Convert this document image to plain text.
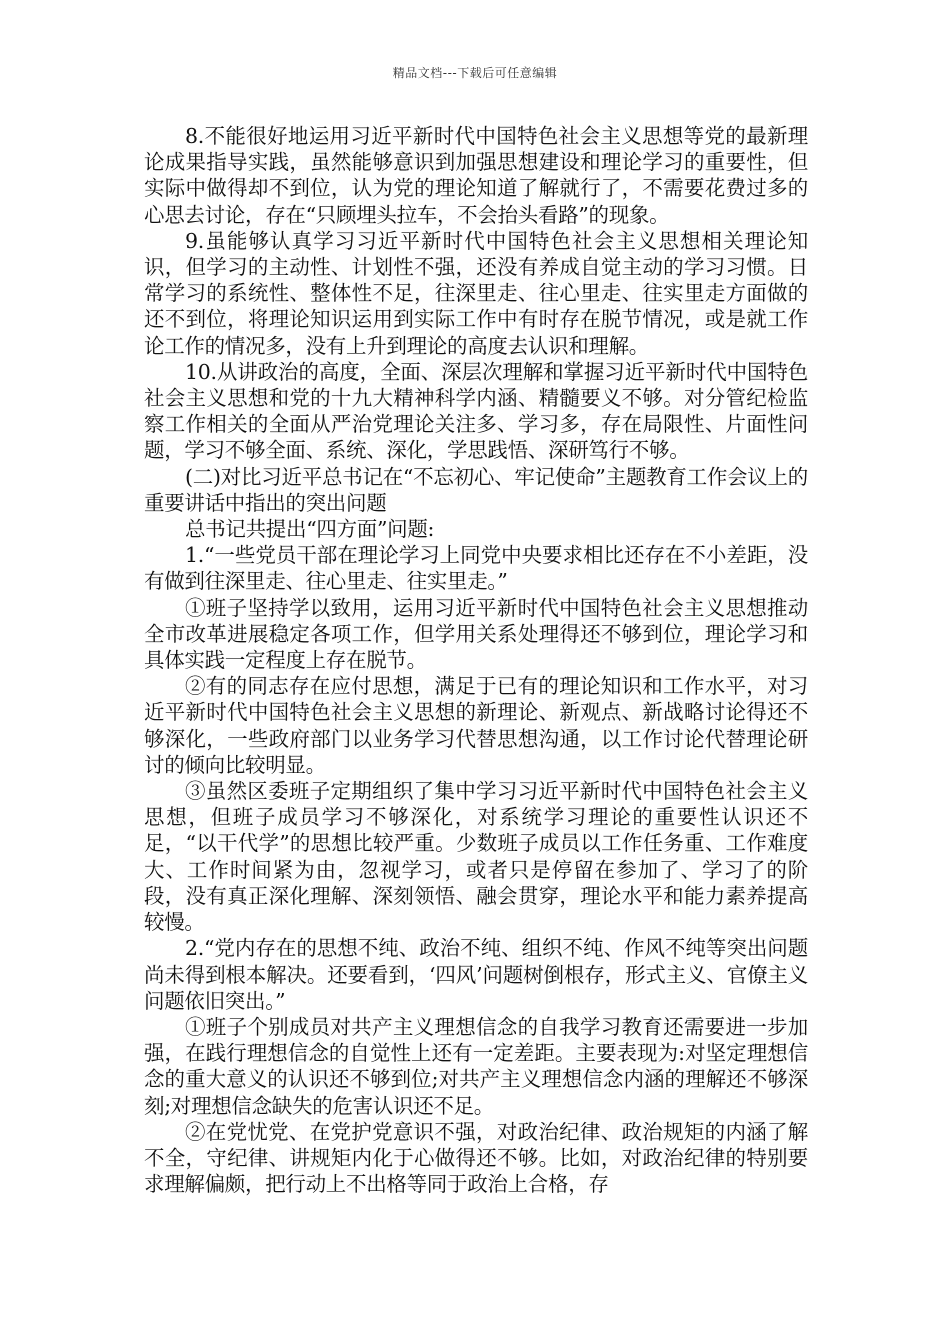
精品文档---下载后可任意编辑

8.不能很好地运用习近平新时代中国特色社会主义思想等党的最新理论成果指导实践，虽然能够意识到加强思想建设和理论学习的重要性，但实际中做得却不到位，认为党的理论知道了解就行了，不需要花费过多的心思去讨论，存在“只顾埋头拉车，不会抬头看路”的现象。

9.虽能够认真学习习近平新时代中国特色社会主义思想相关理论知识，但学习的主动性、计划性不强，还没有养成自觉主动的学习习惯。日常学习的系统性、整体性不足，往深里走、往心里走、往实里走方面做的还不到位，将理论知识运用到实际工作中有时存在脱节情况，或是就工作论工作的情况多，没有上升到理论的高度去认识和理解。

10.从讲政治的高度，全面、深层次理解和掌握习近平新时代中国特色社会主义思想和党的十九大精神科学内涵、精髓要义不够。对分管纪检监察工作相关的全面从严治党理论关注多、学习多，存在局限性、片面性问题，学习不够全面、系统、深化，学思践悟、深研笃行不够。

(二)对比习近平总书记在“不忘初心、牢记使命”主题教育工作会议上的重要讲话中指出的突出问题

总书记共提出“四方面”问题:

1.“一些党员干部在理论学习上同党中央要求相比还存在不小差距，没有做到往深里走、往心里走、往实里走。”

①班子坚持学以致用，运用习近平新时代中国特色社会主义思想推动全市改革进展稳定各项工作，但学用关系处理得还不够到位，理论学习和具体实践一定程度上存在脱节。

②有的同志存在应付思想，满足于已有的理论知识和工作水平，对习近平新时代中国特色社会主义思想的新理论、新观点、新战略讨论得还不够深化，一些政府部门以业务学习代替思想沟通，以工作讨论代替理论研讨的倾向比较明显。

③虽然区委班子定期组织了集中学习习近平新时代中国特色社会主义思想，但班子成员学习不够深化，对系统学习理论的重要性认识还不足，“以干代学”的思想比较严重。少数班子成员以工作任务重、工作难度大、工作时间紧为由，忽视学习，或者只是停留在参加了、学习了的阶段，没有真正深化理解、深刻领悟、融会贯穿，理论水平和能力素养提高较慢。

2.“党内存在的思想不纯、政治不纯、组织不纯、作风不纯等突出问题尚未得到根本解决。还要看到，‘四风’问题树倒根存，形式主义、官僚主义问题依旧突出。”

①班子个别成员对共产主义理想信念的自我学习教育还需要进一步加强，在践行理想信念的自觉性上还有一定差距。主要表现为:对坚定理想信念的重大意义的认识还不够到位;对共产主义理想信念内涵的理解还不够深刻;对理想信念缺失的危害认识还不足。

②在党忧党、在党护党意识不强，对政治纪律、政治规矩的内涵了解不全，守纪律、讲规矩内化于心做得还不够。比如，对政治纪律的特别要求理解偏颇，把行动上不出格等同于政治上合格，存
